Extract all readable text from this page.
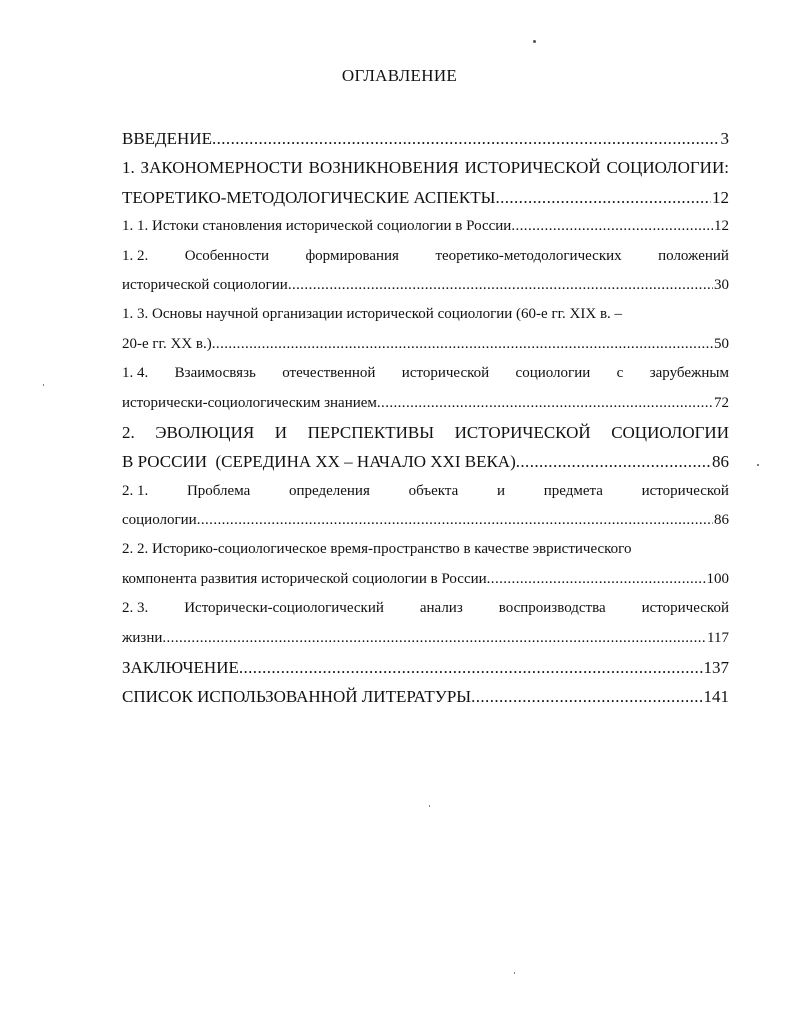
ОГЛАВЛЕНИЕ
ВВЕДЕНИЕ .....	3
1. ЗАКОНОМЕРНОСТИ ВОЗНИКНОВЕНИЯ ИСТОРИЧЕСКОЙ СОЦИОЛОГИИ:
ТЕОРЕТИКО-МЕТОДОЛОГИЧЕСКИЕ АСПЕКТЫ .....	12
1. 1. Истоки становления исторической социологии в России .....	12
1. 2. Особенности формирования теоретико-методологических положений
исторической социологии .....	30
1. 3. Основы научной организации исторической социологии (60-е гг. XIX в. –
20-е гг. XX в.) .....	50
1. 4. Взаимосвязь отечественной исторической социологии с зарубежным
исторически-социологическим знанием .....	72
2. ЭВОЛЮЦИЯ И ПЕРСПЕКТИВЫ ИСТОРИЧЕСКОЙ СОЦИОЛОГИИ
В РОССИИ  (СЕРЕДИНА XX – НАЧАЛО XXI ВЕКА) .....	86
2. 1.	Проблема	определения	объекта	и	предмета	исторической
социологии .....	86
2. 2. Историко-социологическое время-пространство в качестве эвристического
компонента развития исторической социологии в России .....	100
2. 3. Исторически-социологический анализ воспроизводства исторической
жизни .....	117
ЗАКЛЮЧЕНИЕ .....	137
СПИСОК ИСПОЛЬЗОВАННОЙ ЛИТЕРАТУРЫ .....	141
